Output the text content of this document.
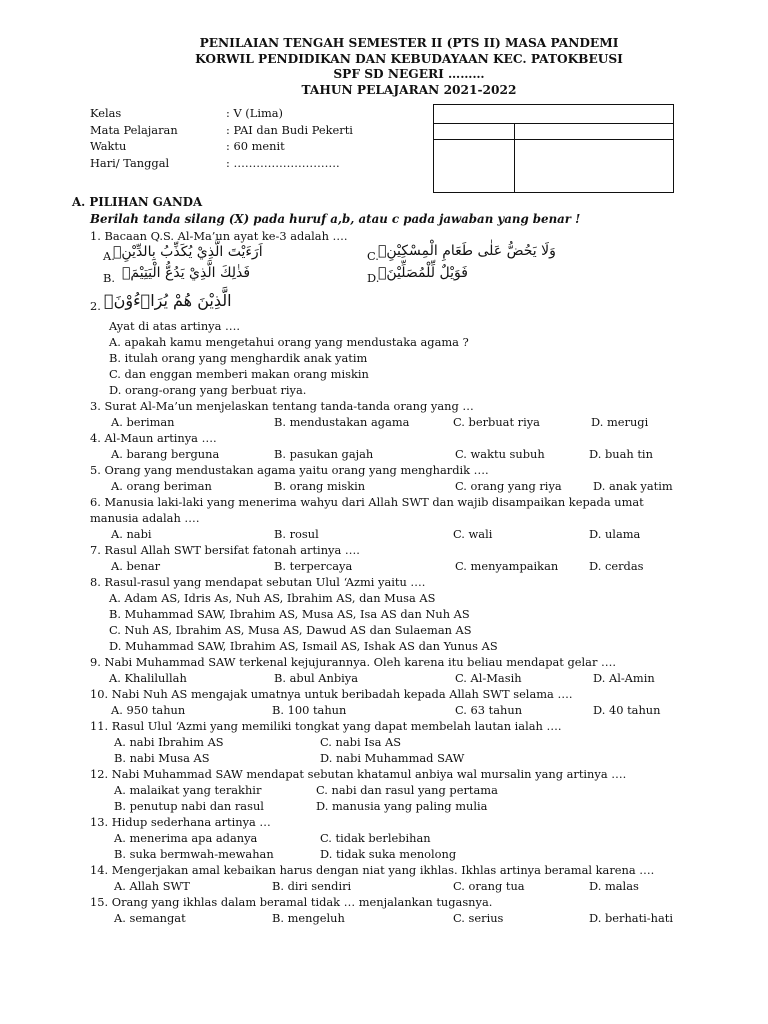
PENILAIAN TENGAH SEMESTER II (PTS II) MASA PANDEMI
KORWIL PENDIDIKAN DAN KEBUDAYAAN KEC. PATOKBEUSI
SPF SD NEGERI ………
TAHUN PELAJARAN 2021-2022
Kelas	: V (Lima)
Mata Pelajaran	: PAI dan Budi Pekerti
Waktu	: 60 menit
Hari/ Tanggal	: ……………………….
A. PILIHAN GANDA
Berilah tanda silang (X) pada huruf a,b, atau c pada jawaban yang benar !
1. Bacaan Q.S. Al-Ma’un ayat ke-3 adalah ….
A.
اَرَءَيْتَ الَّذِيْ يُكَذِّبُ بِالدِّيْنِۗ
B. فَذٰلِكَ الَّذِيْ يَدُعُّ الْيَتِيْمَۙ
C. وَلَا يَحُضُّ عَلٰى طَعَامِ الْمِسْكِيْنِۗ
D.
فَوَيْلٌ لِّلْمُصَلِّيْنَۙ
2. الَّذِيْنَ هُمْ يُرَاۤءُوْنَۙ
Ayat di atas artinya ….
A. apakah kamu mengetahui orang yang mendustaka agama ?
B. itulah orang yang menghardik anak yatim
C. dan enggan memberi makan orang miskin
D. orang-orang yang berbuat riya.
3. Surat Al-Ma’un menjelaskan tentang tanda-tanda orang yang …
A. beriman	B. mendustakan agama	C. berbuat riya	D. merugi
4. Al-Maun artinya ….
A. barang berguna	B. pasukan gajah	C. waktu subuh	D. buah tin
5. Orang yang mendustakan agama yaitu orang yang menghardik ….
A. orang beriman	B. orang miskin	C. orang yang riya	D. anak yatim
6. Manusia laki-laki yang menerima wahyu dari Allah SWT dan wajib disampaikan kepada umat
manusia adalah ….
A. nabi	B. rosul	C. wali	D. ulama
7. Rasul Allah SWT bersifat fatonah artinya ….
A. benar	B. terpercaya	C. menyampaikan	D. cerdas
8. Rasul-rasul yang mendapat sebutan Ulul ‘Azmi yaitu ….
A. Adam AS, Idris As, Nuh AS, Ibrahim AS, dan Musa AS
B. Muhammad SAW, Ibrahim AS, Musa AS, Isa AS dan Nuh AS
C. Nuh AS, Ibrahim AS, Musa AS, Dawud AS dan Sulaeman AS
D. Muhammad SAW, Ibrahim AS, Ismail AS, Ishak AS dan Yunus AS
9. Nabi Muhammad SAW terkenal kejujurannya. Oleh karena itu beliau mendapat gelar ….
A. Khalilullah	B. abul Anbiya	C. Al-Masih	D. Al-Amin
10. Nabi Nuh AS mengajak umatnya untuk beribadah kepada Allah SWT selama ….
A. 950 tahun	B. 100 tahun	C. 63 tahun	D. 40 tahun
11. Rasul Ulul ‘Azmi yang memiliki tongkat yang dapat membelah lautan ialah ….
A. nabi Ibrahim AS	C. nabi Isa AS
B. nabi Musa AS	D. nabi Muhammad SAW
12. Nabi Muhammad SAW mendapat sebutan khatamul anbiya wal mursalin yang artinya ….
A. malaikat yang terakhir	C. nabi dan rasul yang pertama
B. penutup nabi dan rasul	D. manusia yang paling mulia
13. Hidup sederhana artinya …
A. menerima apa adanya	C. tidak berlebihan
B. suka bermwah-mewahan	D. tidak suka menolong
14. Mengerjakan amal kebaikan harus dengan niat yang ikhlas. Ikhlas artinya beramal karena ….
A. Allah SWT	B. diri sendiri	C. orang tua	D. malas
15. Orang yang ikhlas dalam beramal tidak … menjalankan tugasnya.
A. semangat	B. mengeluh	C. serius	D. berhati-hati
